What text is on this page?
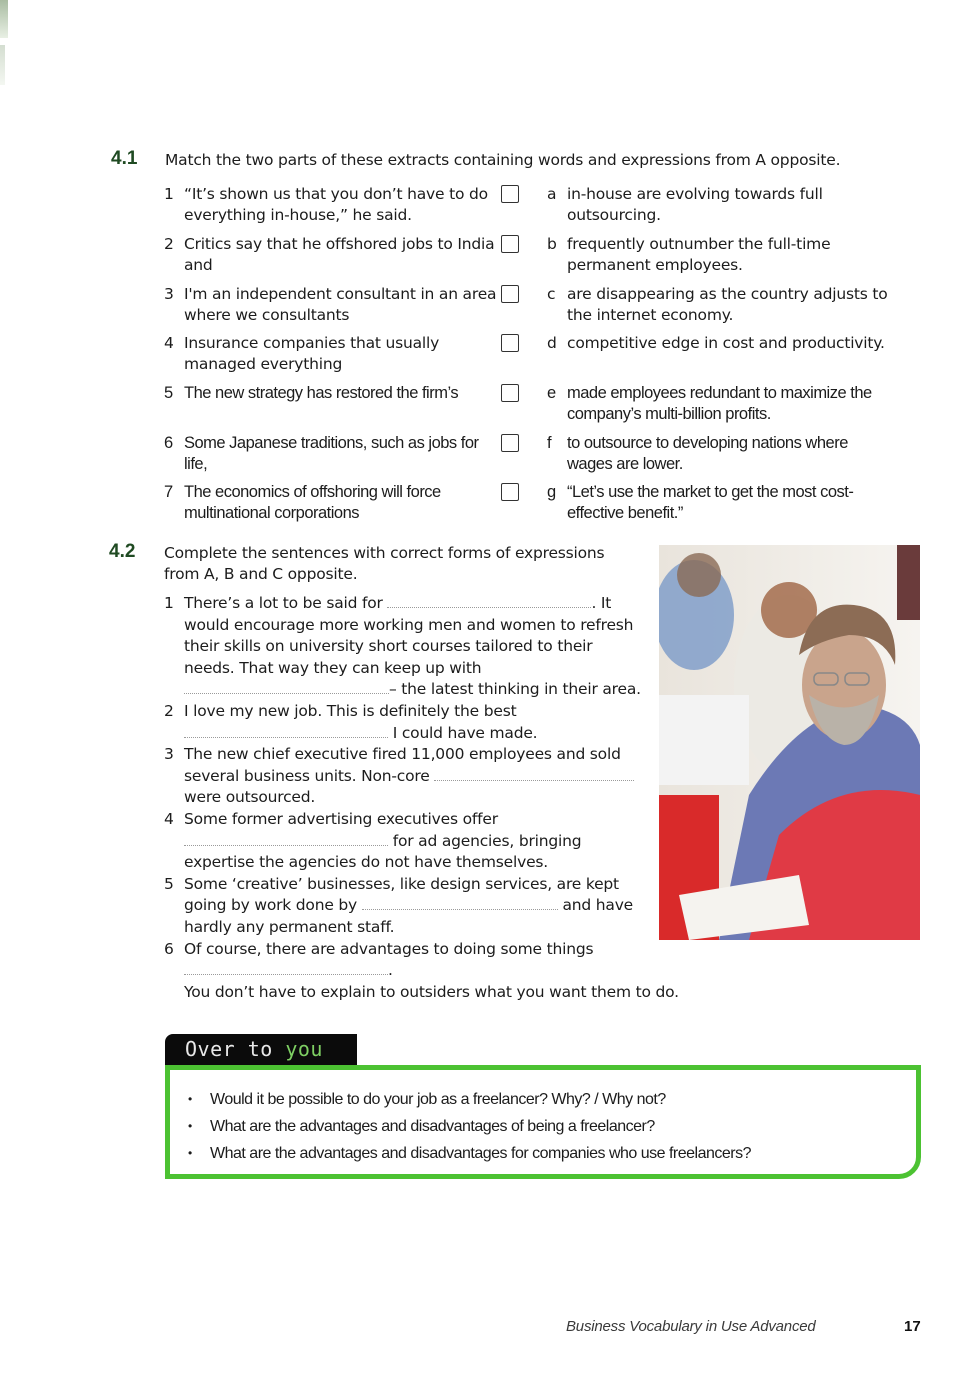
4.1 Match the two parts of these extracts containing words and expressions from A opposite.
1 “It’s shown us that you don’t have to do everything in-house,” he said.
a in-house are evolving towards full outsourcing.
2 Critics say that he offshored jobs to India and
b frequently outnumber the full-time permanent employees.
3 I'm an independent consultant in an area where we consultants
c are disappearing as the country adjusts to the internet economy.
4 Insurance companies that usually managed everything
d competitive edge in cost and productivity.
5 The new strategy has restored the firm’s	e made employees redundant to maximize the company’s multi-billion profits.
6 Some Japanese traditions, such as jobs for life,
f to outsource to developing nations where wages are lower.
7 The economics of offshoring will force multinational corporations
g “Let’s use the market to get the most cost-effective benefit.”
4.2 Complete the sentences with correct forms of expressions from A, B and C opposite.
1 There’s a lot to be said for	. It would encourage more working men and women to refresh their skills on university short courses tailored to their needs. That way they can keep up with – the latest thinking in their area.
2 I love my new job. This is definitely the best
I could have made.
3 The new chief executive fired 11,000 employees and sold several business units. Non-core  were outsourced.
4 Some former advertising executives offer
for ad agencies, bringing expertise the agencies do not have themselves.
5 Some ‘creative’ businesses, like design services, are kept going by work done by	and have hardly any permanent staff.
6 Of course, there are advantages to doing some things

.
You don’t have to explain to outsiders what you want them to do.
Over to you
• Would it be possible to do your job as a freelancer? Why? / Why not?
• What are the advantages and disadvantages of being a freelancer?
• What are the advantages and disadvantages for companies who use freelancers?
Business Vocabulary in Use Advanced	17
